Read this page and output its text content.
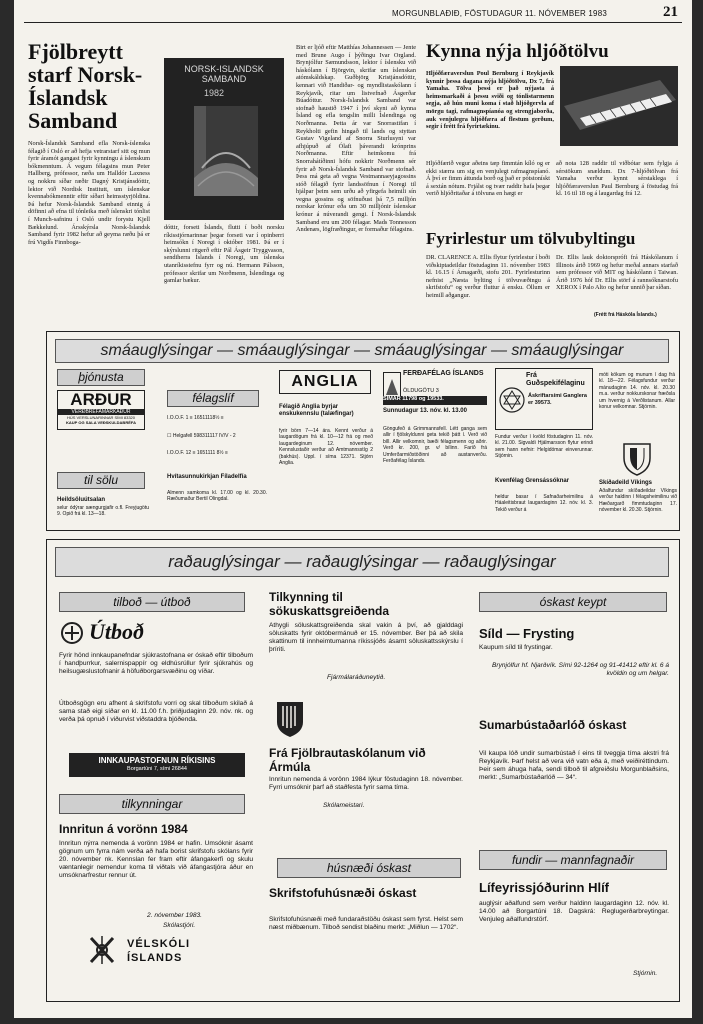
MORGUNBLAÐIÐ, FÖSTUDAGUR 11. NÓVEMBER 1983	21
Fjölbreytt starf Norsk-Íslandsk Samband

Norsk-Íslandsk Samband efla Norsk-íslenska félagið í Osló er að hefja vetrarstarf sitt og mun fyrir áramót gangast fyrir kynningu á íslenskum bókmenntum. Á vegum félagsins mun Peter Hallberg, prófessor, ræða um Halldór Laxness og nokkru síðar ræðir Dagný Kristjánsdóttir, lektor við Nordisk Institutt, um íslenskar kvennabókmenntir eftir síðari heimsstyrjöldina. Þá hefur Norsk-Íslandsk Samband einnig á döfinni að efna til tónleika með íslenskri tónlist í Munch-safninu í Osló undir forystu Kjell Bækkelund. Ársskýrsla Norsk-Íslandsk Samband fyrir 1982 hefur að geyma ræðu þá er frú Vigdís Finnboga-

NORSK-ISLANDSK SAMBAND
1982

dóttir, forseti Íslands, flutti í boði norsku ríkisstjórnarinnar þegar forseti var í opinberri heimsókn í Noregi í október 1981. Þá er í skýrslunni ritgerð eftir Pál Ásgeir Tryggvason, sendiherra Íslands í Noregi, um íslenska utanríkisstefnu fyrr og nú. Hermann Pálsson, prófessor skrifar um Norðmenn, Íslendinga og gamlar bækur.

Birt er ljóð eftir Matthías Johannessen — Jente med Brune Augo í þýðingu Ivar Orgland. Brynjólfur Sæmundsson, lektor í íslensku við háskólann í Björgvin, skrifar um íslenskan atómskáldskap. Guðbjörg Kristjánsdóttir, kennari við Handiðar- og myndlistaskólann í Reykjavík, ritar um listvefnað Ásgerðar Búadóttur. Norsk-Íslandsk Samband var stofnað haustið 1947 í því skyni að kynna Ísland og efla tengslin milli Íslendinga og Norðmanna. Þetta ár var Snorrastifan í Reykholti gefin hingað til lands og styttan Gustav Vigeland af Snorra Sturlusyni var afhjúpuð af Ólafi þáverandi krónprins Norðmanna. Eftir heimkomu frá Snorrahátíðinni hófu nokkrir Norðmenn sér fyrir að Norsk-Íslandsk Samband var stofnað. Þess má geta að vegna Vestmannaeyjagossins stóð félagið fyrir landssöfnun í Noregi til hjálpar þeim sem urðu að yfirgefa heimili sín vegna gossins og söfnuðust þá 7,5 milljón norskar krónur eða um 30 milljónir íslenskar krónur á núverandi gengi. Í Norsk-Íslandsk Samband eru um 200 félagar. Mads Tonnesson Andenæs, lögfræðingur, er formaður félagsins.

Kynna nýja hljóðtölvu

Hljóðfæraverslun Poul Bernburg í Reykjavík kynnir þessa dagana nýja hljóðtölvu, Dx 7, frá Yamaha. Tölva þessi er það nýjasta á heimsmarkaði á þessu sviði og tónlistarmenn segja, að hún muni koma í stað hljóðgervla af mörgu tagi, rafmagnspíanóa og strengjaborða, auk venjulegra hljóðfæra af flestum gerðum, segir í frétt frá fyrirtækinu.

Hljóðfærið vegur aðeins tæp fimmtán kíló og er ekki stærra um sig en venjulegt rafmagnspíanó. Á því er fimm áttunda borð og það er pótstonískt á sextán nótum. Frjálst og tvær raddir hafa þegar verið hljóðritaðar á tölvuna en hægt er

að nota 128 raddir til viðbótar sem fylgja á sérstökum snældum. Dx 7-hljóðtölvan frá Yamaha verður kynnt sérstaklega í hljóðfæraverslun Paul Bernburg á föstudag frá kl. 16 til 18 og á laugardag frá 12.

Fyrirlestur um tölvubyltingu

DR. CLARENCE A. Ellis flytur fyrirlestur í boði viðskiptadeildar föstudaginn 11. nóvember 1983 kl. 16.15 í Árnagarði, stofu 201. Fyrirlesturinn nefnist „Næsta bylting í tölvuvæðingu á skrifstofu“ og verður fluttur á ensku. Öllum er heimill aðgangur.

Dr. Ellis lauk doktorsprófi frá Háskólanum í Illinois árið 1969 og hefur meðal annars starfað sem prófessor við MIT og háskólann í Taiwan. Árið 1976 hóf Dr. Ellis störf á rannsóknarstofu XEROX í Palo Alto og hefur unnið þar síðan.

(Frétt frá Háskóla Íslands.)
smáauglýsingar — smáauglýsingar — smáauglýsingar — smáauglýsingar
þjónusta
ARÐUR
VERÐBRÉFAMARKAÐUR
HÚS VERSLUNARINNAR SÍMI 83320
KAUP OG SALA VEÐSKULDABRÉFA
til sölu
Heildsöluútsalan

selur ódýrar sængurgjafir o.fl. Freyjugötu 9. Opið frá kl. 13—18.

félagslíf
I.O.O.F. 1 ≡ 16511118½ ≡
☐ Helgafell 598311117 IV/V - 2
I.O.O.F. 12 ≡ 1651111 8½ ≡
Hvítasunnukirkjan Fíladelfía

Almenn samkoma kl. 17.00 og kl. 20.30. Ræðumaður Bertil Olingdal.

ANGLIA
Félagið Anglia byrjar enskukennslu (talæfingar)

fyrir börn 7—14 ára. Kennt verður á laugardögum frá kl. 10—12 frá og með laugardeginum 12. nóvember. Kennslustaðir verður að Amtmannsstíg 2 (bakhús). Uppl. í síma 12371. Stjórn Anglia.

FERÐAFÉLAG ÍSLANDS
ÖLDUGÖTU 3
SÍMAR 11798 og 19533.
Sunnudagur 13. nóv. kl. 13.00

Göngufeð á Grimmannsfell. Létt ganga sem allir í fjölskyldunni geta tekið þátt í. Verð við bíll. Allir velkomnir, bæði félagsmenn og aðrir. Verð kr. 200, gr. v/ bílinn. Farið frá Umferðarmiðstöðinni að austanverðu. Ferðafélag Íslands.

Frá Guðspekifélaginu
Áskriftarsími Ganglera er 39573.

Fundur verður í kvöld föstudaginn 11. nóv. kl. 21.00. Sigvaldi Hjálmarsson flytur erindi sem hann nefnir: Helgidómar einverunnar. Stjórnin.

Kvenfélag Grensássóknar

heldur basar í Safnaðarheimilinu á Háaleitisbraut laugardaginn 12. nóv. kl. 3. Tekið verður á

móti kökum og munum í dag frá kl. 18—22. Félagsfundur verður mánudaginn 14. nóv. kl. 20.30 m.a. verður nokkurskonar fræðsla um hvernig á Verðlistanum. Allar konur velkomnar. Stjórnin.

Skíðadeild Víkings

Aðalfundur skíðadeildar Víkings verður haldinn í félagsheimilinu við Hæðargarð fimmtudaginn 17. nóvember kl. 20.30. Stjórnin.

raðauglýsingar — raðauglýsingar — raðauglýsingar
tilboð — útboð
Útboð

Fyrir hönd innkaupanefndar sjúkrastofnana er óskað eftir tilboðum í handþurrkur, salernispappír og eldhúsrúllur fyrir sjúkrahús og heilsugæslustofnanir á höfuðborgarsvæðinu og víðar.

Útboðsgögn eru afhent á skrifstofu vorri og skal tilboðum skilað á sama stað eigi síðar en kl. 11.00 f.h. þriðjudaginn 29. nóv. nk. og verða þá opnuð í viðurvist viðstaddra bjóðenda.

INNKAUPASTOFNUN RÍKISINS
Borgartúni 7, sími 26844
tilkynningar
Innritun á vorönn 1984

Innritun nýrra nemenda á vorönn 1984 er hafin. Umsóknir ásamt gögnum um fyrra nám verða að hafa borist skrifstofu skólans fyrir 20. nóvember nk. Kennslan fer fram eftir áfangakerfi og skulu væntanlegir nemendur koma til viðtals við áfangastjóra áður en umsóknarfrestur rennur út.

2. nóvember 1983.
Skólastjóri.
VÉLSKÓLI
ÍSLANDS
Tilkynning til sökuskattsgreiðenda

Athygli söluskattsgreiðenda skal vakin á því, að gjalddagi söluskatts fyrir októbermánuð er 15. nóvember. Ber þá að skila skattinum til innheimtumanna ríkissjóðs ásamt söluskattsskýrslu í þríriti.

Fjármálaráðuneytið.
Frá Fjölbrautaskólanum við Ármúla

Innritun nemenda á vorönn 1984 lýkur föstudaginn 18. nóvember. Fyrri umsóknir þarf að staðfesta fyrir sama tíma.

Skólameistari.
húsnæði óskast
Skrifstofuhúsnæði óskast

Skrifstofuhúsnæði með fundaraðstöðu óskast sem fyrst. Helst sem næst miðbænum. Tilboð sendist blaðinu merkt: „Miðlun — 1702“.

óskast keypt
Síld — Frysting

Kaupum síld til frystingar.

Brynjólfur hf. Njarðvík. Sími 92-1264 og 91-41412 eftir kl. 6 á kvöldin og um helgar.

Sumarbústaðarlóð óskast

Vil kaupa lóð undir sumarbústað í eins til tveggja tíma akstri frá Reykjavík. Þarf helst að vera við vatn eða á, með veiðiréttindum. Þeir sem áhuga hafa, sendi tilboð til afgreiðslu Morgunblaðsins, merkt: „Sumarbústaðarlóð — 34“.

fundir — mannfagnaðir
Lífeyrissjóðurinn Hlíf

auglýsir aðalfund sem verður haldinn laugardaginn 12. nóv. kl. 14.00 að Borgartúni 18. Dagskrá: Reglugerðarbreytingar. Venjuleg aðalfundrstörf.

Stjórnin.
